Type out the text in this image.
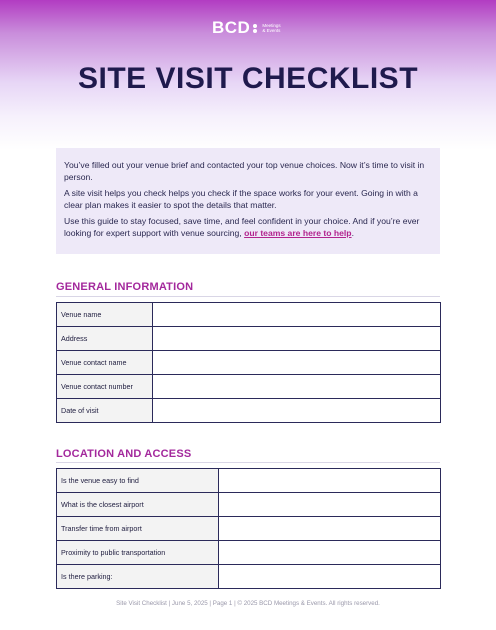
BCD	Meetings
& Events
SITE VISIT CHECKLIST

You’ve filled out your venue brief and contacted your top venue choices. Now it’s time to visit in person.

A site visit helps you check helps you check if the space works for your event. Going in with a clear plan makes it easier to spot the details that matter.

Use this guide to stay focused, save time, and feel confident in your choice. And if you’re ever looking for expert support with venue sourcing, our teams are here to help.

GENERAL INFORMATION
Venue name	
Address	
Venue contact name	
Venue contact number	
Date of visit	
LOCATION AND ACCESS
Is the venue easy to find	
What is the closest airport	
Transfer time from airport	
Proximity to public transportation	
Is there parking:	
Site Visit Checklist | June 5, 2025 | Page 1 | © 2025 BCD Meetings & Events. All rights reserved.
